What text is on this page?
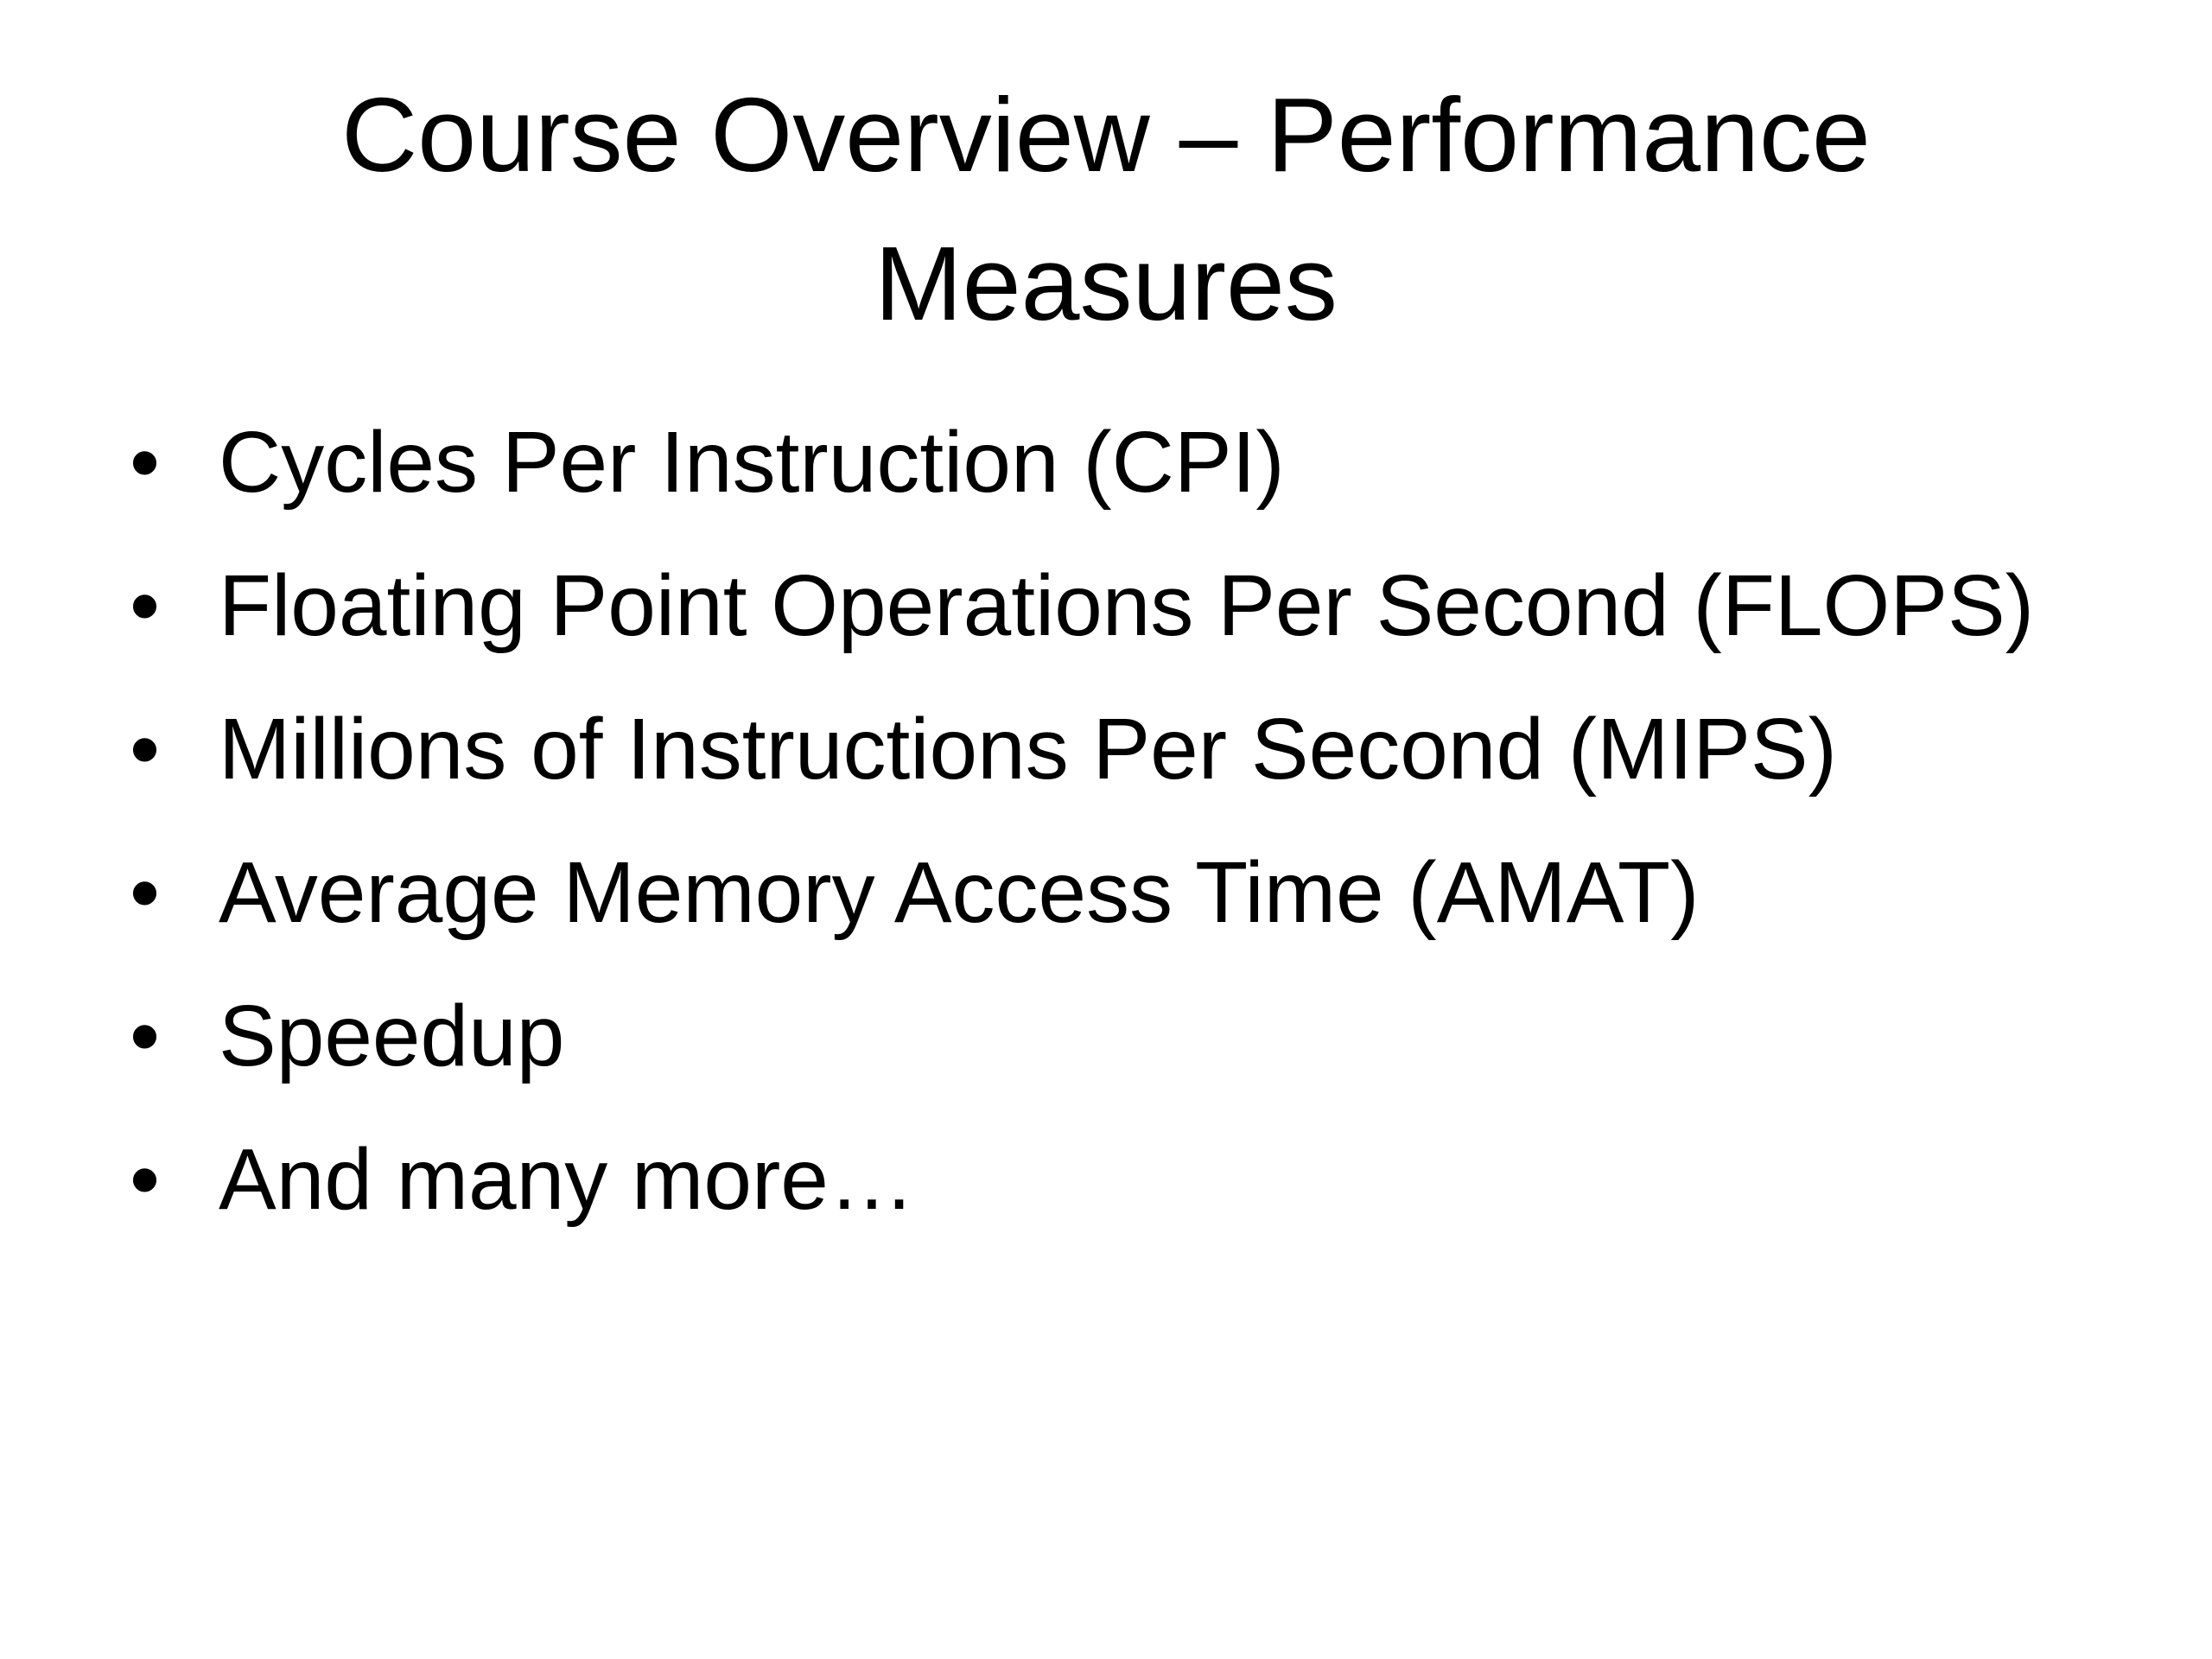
Course Overview – Performance
Measures
• Cycles Per Instruction (CPI)
• Floating Point Operations Per Second (FLOPS)
• Millions of Instructions Per Second (MIPS)
• Average Memory Access Time (AMAT)
• Speedup
• And many more…
